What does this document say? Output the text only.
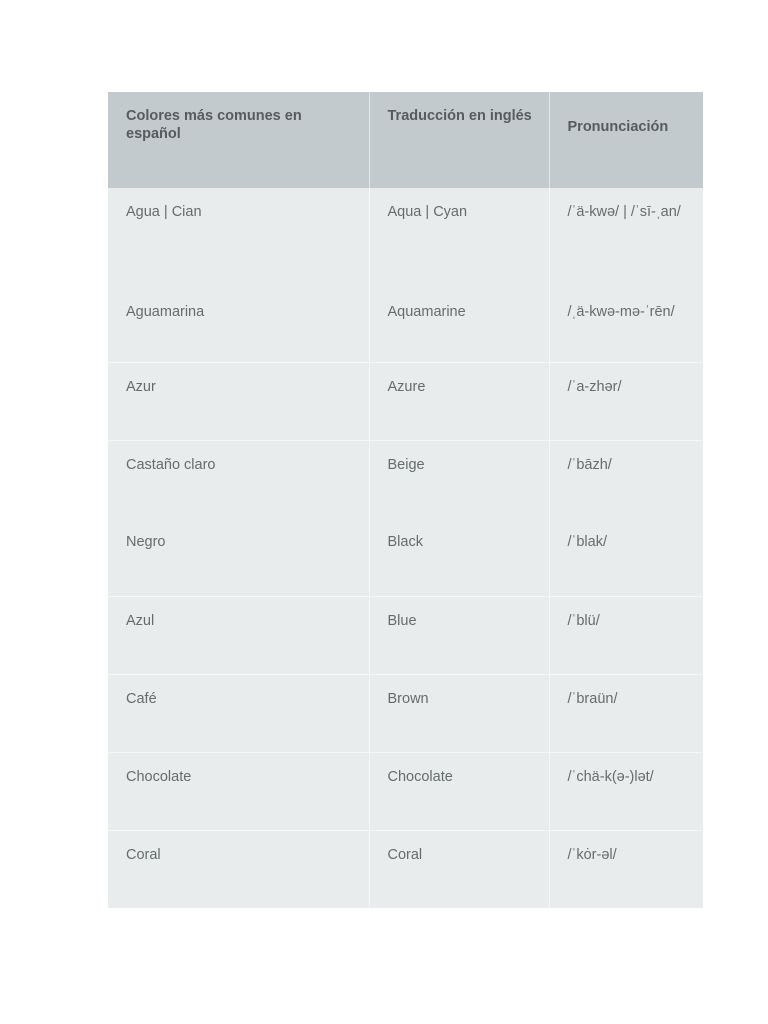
Colores más comunes en español	Traducción en inglés	Pronunciación
Agua | Cian	Aqua | Cyan	/ˈä-kwə/ | /ˈsī-ˌan/
Aguamarina	Aquamarine	/ˌä-kwə-mə-ˈrēn/
Azur	Azure	/ˈa-zhər/
Castaño claro	Beige	/ˈbāzh/
Negro	Black	/ˈblak/
Azul	Blue	/ˈblü/
Café	Brown	/ˈbraün/
Chocolate	Chocolate	/ˈchä-k(ə-)lət/
Coral	Coral	/ˈkȯr-əl/
